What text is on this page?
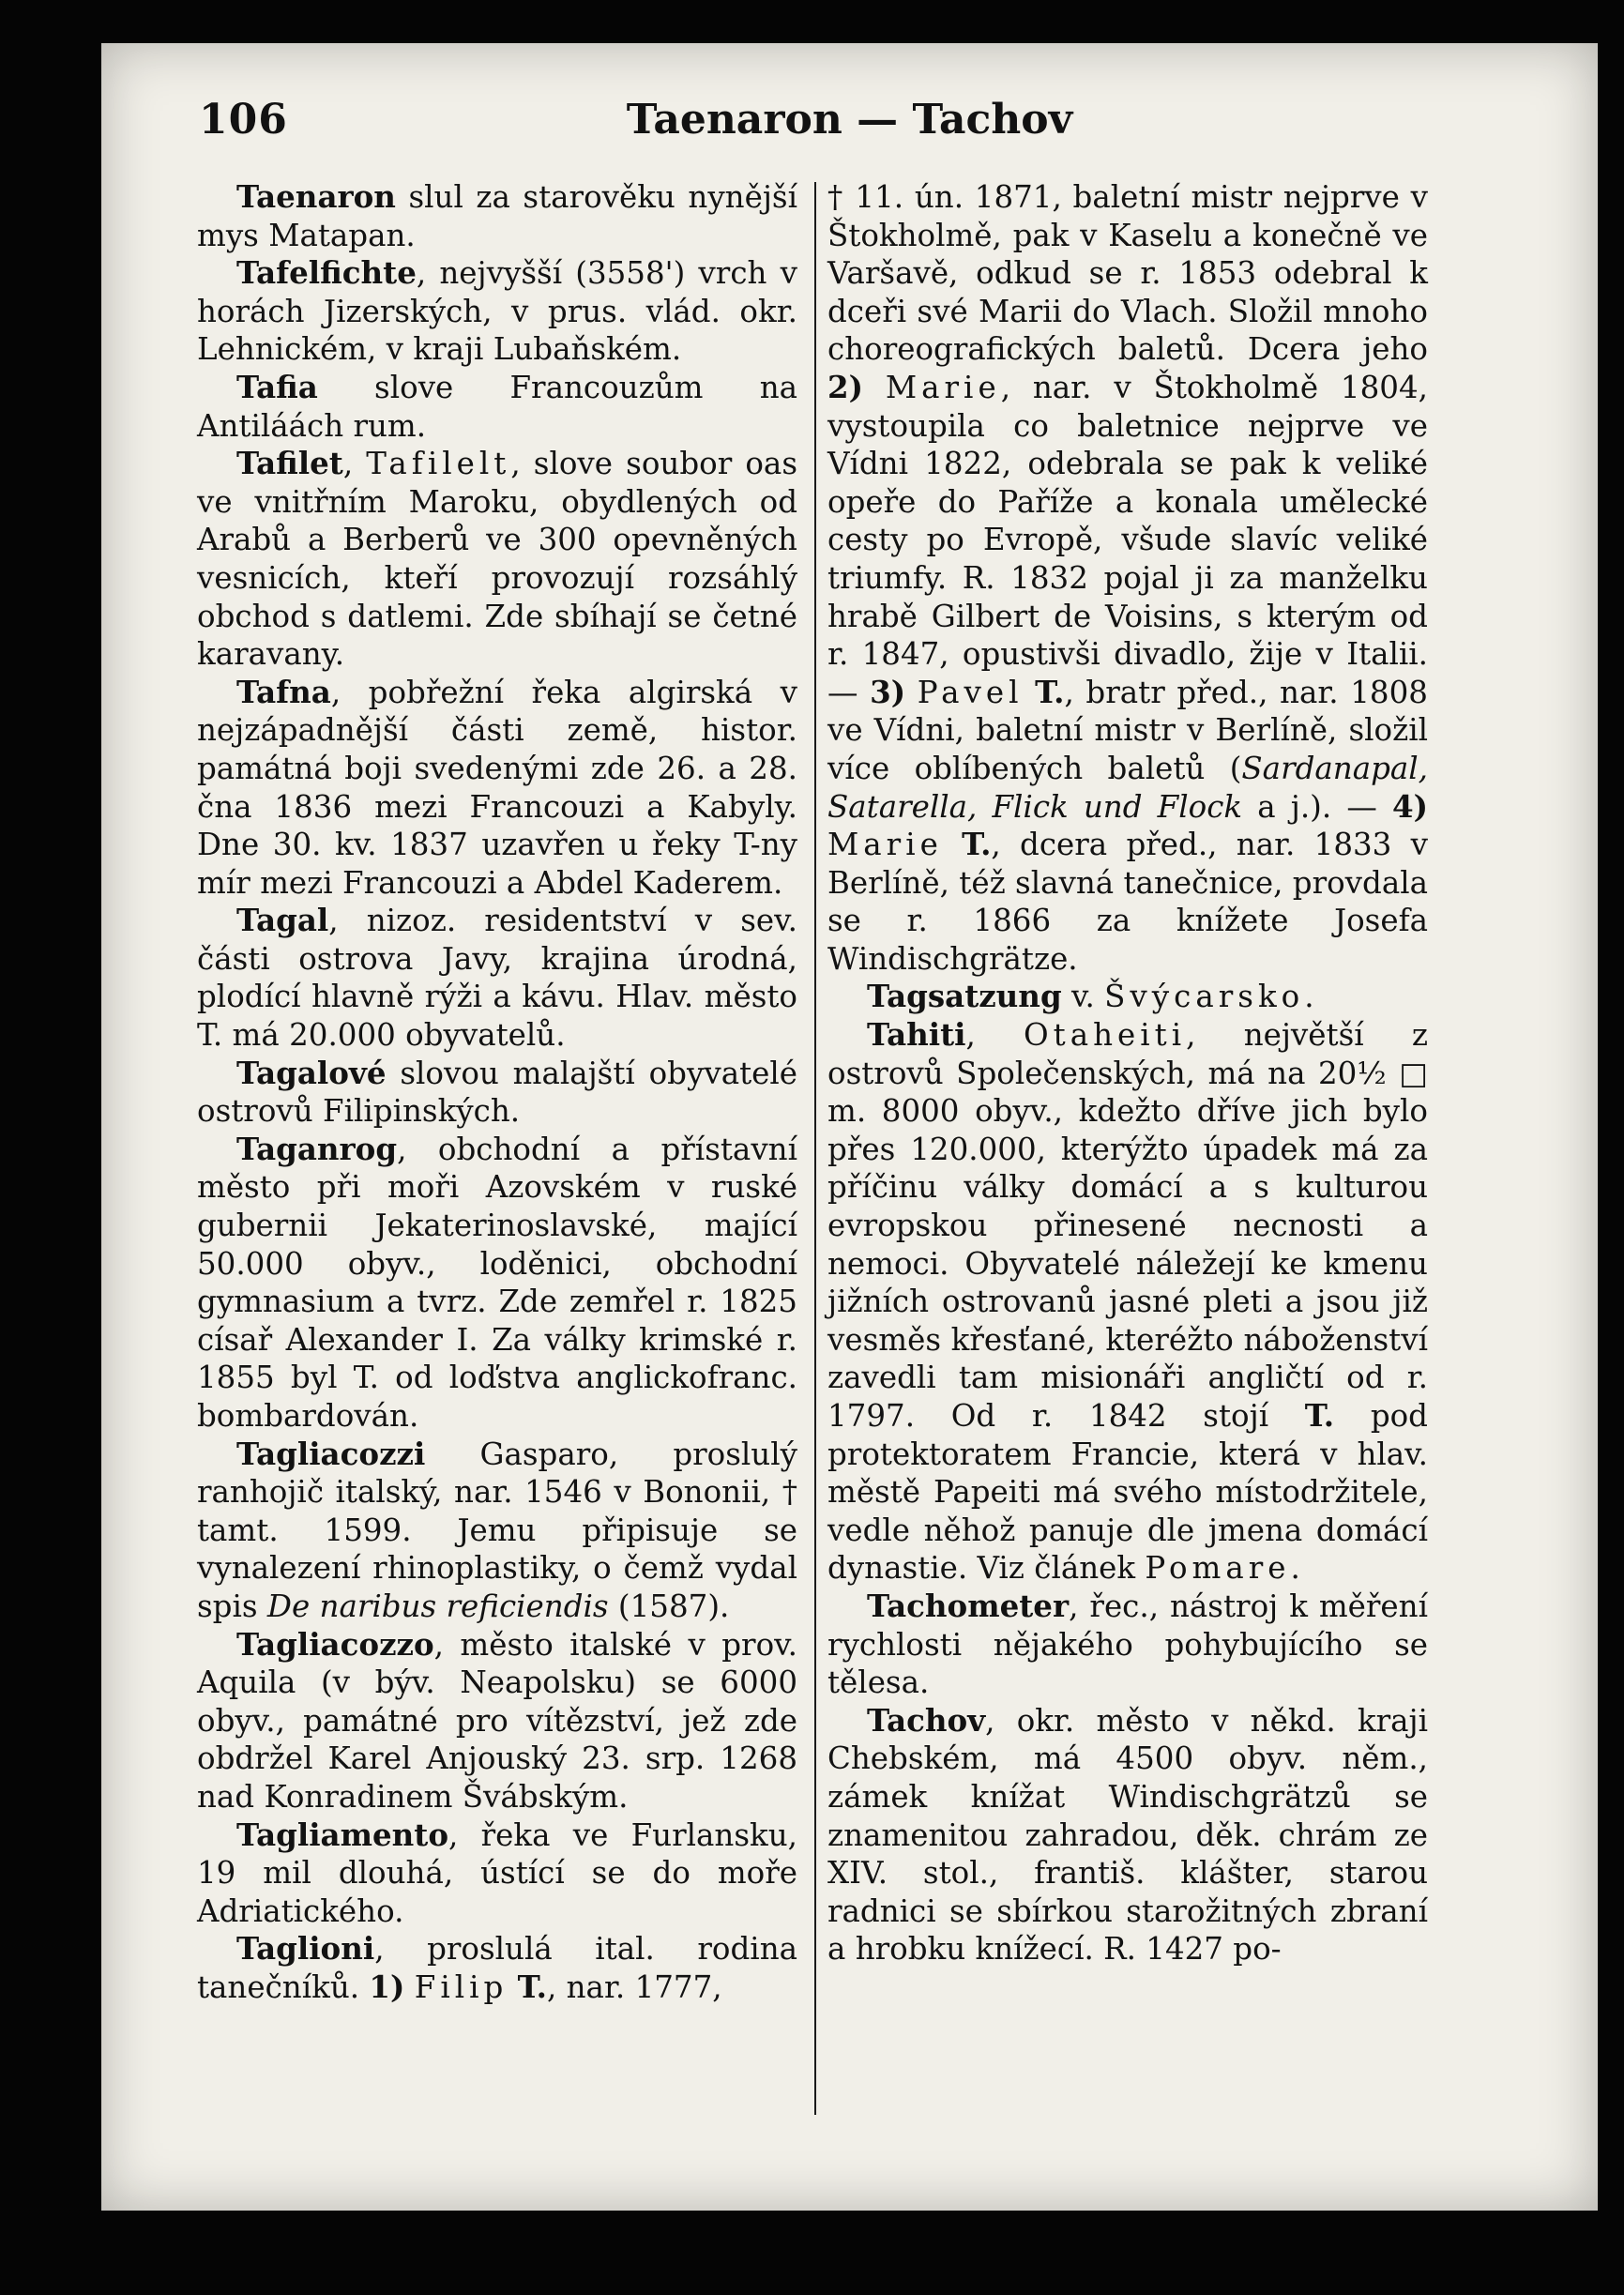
106	Taenaron — Tachov

Taenaron slul za starověku nynější mys Matapan.

Tafelfichte, nejvyšší (3558') vrch v horách Jizerských, v prus. vlád. okr. Lehnickém, v kraji Lubaňském.

Tafia slove Francouzům na Antiláách rum.

Tafilet, Tafilelt, slove soubor oas ve vnitřním Maroku, obydlených od Arabů a Berberů ve 300 opevněných vesnicích, kteří provozují rozsáhlý obchod s datlemi. Zde sbíhají se četné karavany.

Tafna, pobřežní řeka algirská v nejzápadnější části země, histor. památná boji svedenými zde 26. a 28. čna 1836 mezi Francouzi a Kabyly. Dne 30. kv. 1837 uzavřen u řeky T-ny mír mezi Francouzi a Abdel Kaderem.

Tagal, nizoz. residentství v sev. části ostrova Javy, krajina úrodná, plodící hlavně rýži a kávu. Hlav. město T. má 20.000 obyvatelů.

Tagalové slovou malajští obyvatelé ostrovů Filipinských.

Taganrog, obchodní a přístavní město při moři Azovském v ruské gubernii Jekaterinoslavské, mající 50.000 obyv., loděnici, obchodní gymnasium a tvrz. Zde zemřel r. 1825 císař Alexander I. Za války krimské r. 1855 byl T. od loďstva anglickofranc. bombardován.

Tagliacozzi Gasparo, proslulý ranhojič italský, nar. 1546 v Bononii, † tamt. 1599. Jemu připisuje se vynalezení rhinoplastiky, o čemž vydal spis De naribus reficiendis (1587).

Tagliacozzo, město italské v prov. Aquila (v býv. Neapolsku) se 6000 obyv., památné pro vítězství, jež zde obdržel Karel Anjouský 23. srp. 1268 nad Konradinem Švábským.

Tagliamento, řeka ve Furlansku, 19 mil dlouhá, ústící se do moře Adriatického.

Taglioni, proslulá ital. rodina tanečníků. 1) Filip T., nar. 1777,

† 11. ún. 1871, baletní mistr nejprve v Štokholmě, pak v Kaselu a konečně ve Varšavě, odkud se r. 1853 odebral k dceři své Marii do Vlach. Složil mnoho choreografických baletů. Dcera jeho 2) Marie, nar. v Štokholmě 1804, vystoupila co baletnice nejprve ve Vídni 1822, odebrala se pak k veliké opeře do Paříže a konala umělecké cesty po Evropě, všude slavíc veliké triumfy. R. 1832 pojal ji za manželku hrabě Gilbert de Voisins, s kterým od r. 1847, opustivši divadlo, žije v Italii. — 3) Pavel T., bratr před., nar. 1808 ve Vídni, baletní mistr v Berlíně, složil více oblíbených baletů (Sardanapal, Satarella, Flick und Flock a j.). — 4) Marie T., dcera před., nar. 1833 v Berlíně, též slavná tanečnice, provdala se r. 1866 za knížete Josefa Windischgrätze.

Tagsatzung v. Švýcarsko.

Tahiti, Otaheiti, největší z ostrovů Společenských, má na 20½ □ m. 8000 obyv., kdežto dříve jich bylo přes 120.000, kterýžto úpadek má za příčinu války domácí a s kulturou evropskou přinesené necnosti a nemoci. Obyvatelé náležejí ke kmenu jižních ostrovanů jasné pleti a jsou již vesměs křesťané, kteréžto náboženství zavedli tam misionáři angličtí od r. 1797. Od r. 1842 stojí T. pod protektoratem Francie, která v hlav. městě Papeiti má svého místodržitele, vedle něhož panuje dle jmena domácí dynastie. Viz článek Pomare.

Tachometer, řec., nástroj k měření rychlosti nějakého pohybujícího se tělesa.

Tachov, okr. město v někd. kraji Chebském, má 4500 obyv. něm., zámek knížat Windischgrätzů se znamenitou zahradou, děk. chrám ze XIV. stol., františ. klášter, starou radnici se sbírkou starožitných zbraní a hrobku knížecí. R. 1427 po-
